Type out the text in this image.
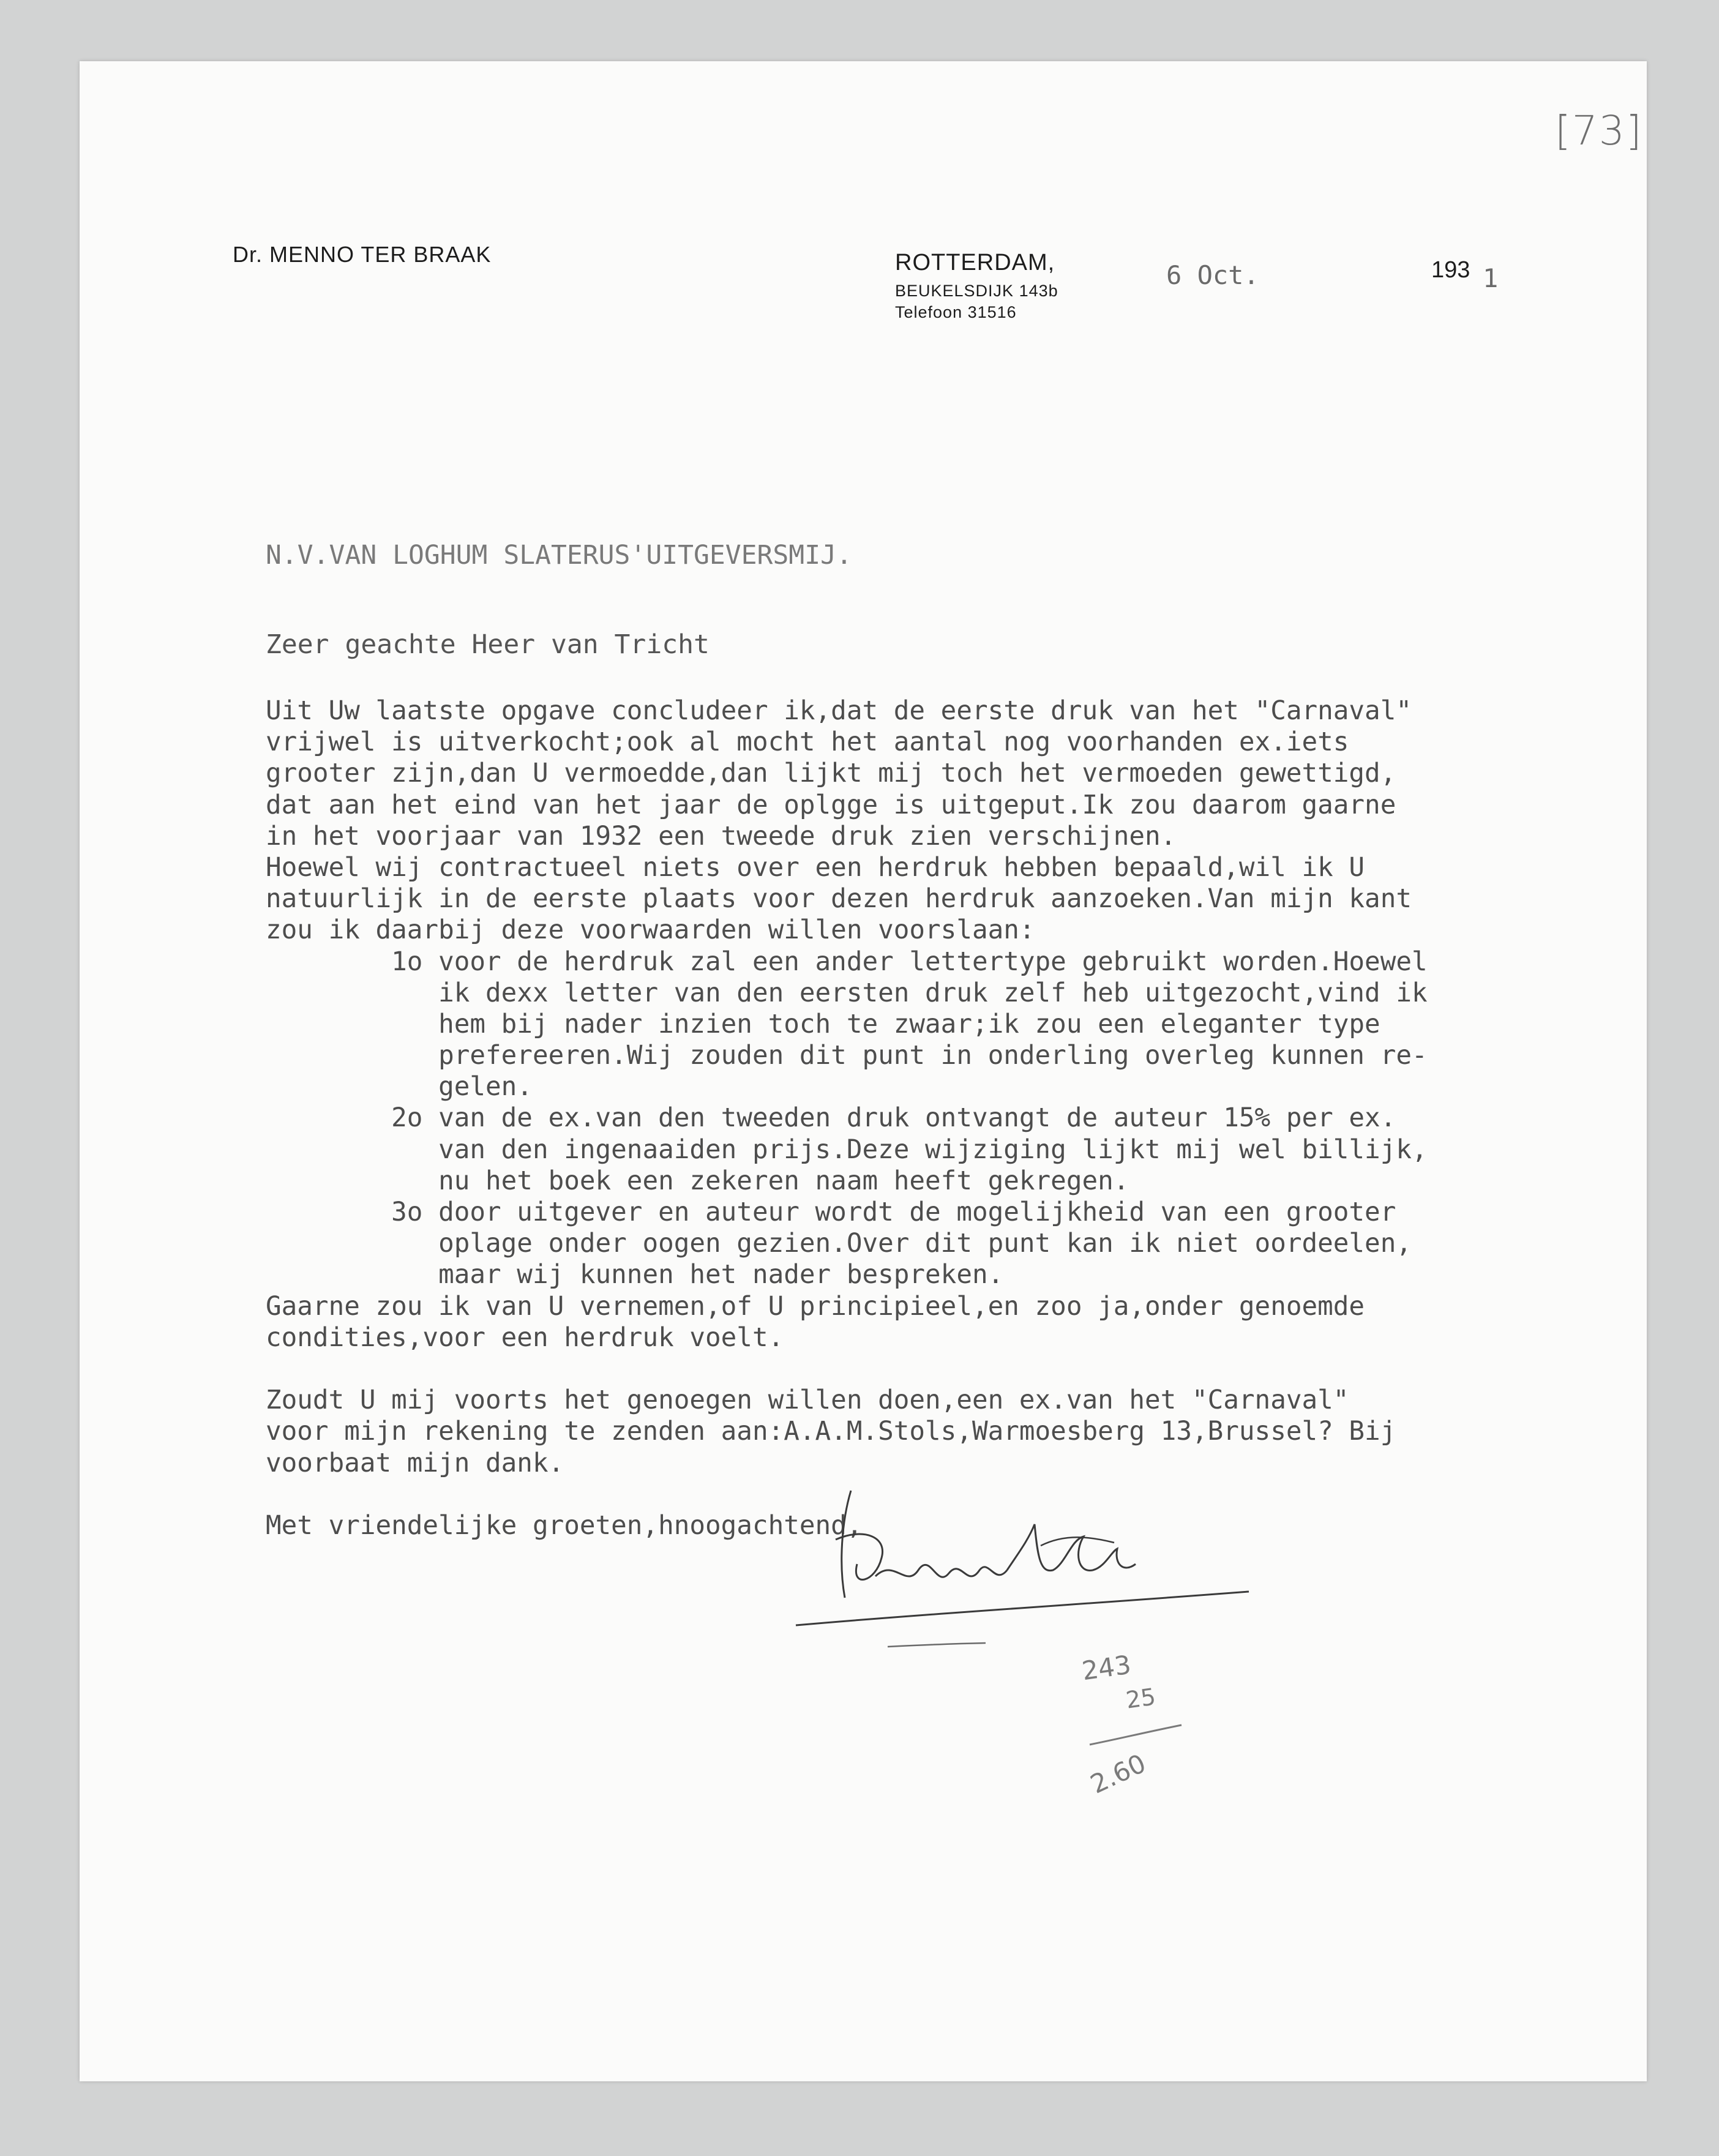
[73]
Dr. MENNO TER BRAAK	ROTTERDAM,
BEUKELSDIJK 143b
Telefoon 31516
193
6 Oct.	1
N.V.VAN LOGHUM SLATERUS'UITGEVERSMIJ.
Zeer geachte Heer van Tricht
Uit Uw laatste opgave concludeer ik,dat de eerste druk van het "Carnaval"
vrijwel is uitverkocht;ook al mocht het aantal nog voorhanden ex.iets
grooter zijn,dan U vermoedde,dan lijkt mij toch het vermoeden gewettigd,
dat aan het eind van het jaar de oplgge is uitgeput.Ik zou daarom gaarne
in het voorjaar van 1932 een tweede druk zien verschijnen.
Hoewel wij contractueel niets over een herdruk hebben bepaald,wil ik U
natuurlijk in de eerste plaats voor dezen herdruk aanzoeken.Van mijn kant
zou ik daarbij deze voorwaarden willen voorslaan:
1o voor de herdruk zal een ander lettertype gebruikt worden.Hoewel
ik dexx letter van den eersten druk zelf heb uitgezocht,vind ik
hem bij nader inzien toch te zwaar;ik zou een eleganter type
prefereeren.Wij zouden dit punt in onderling overleg kunnen re-
gelen.
2o van de ex.van den tweeden druk ontvangt de auteur 15% per ex.
van den ingenaaiden prijs.Deze wijziging lijkt mij wel billijk,
nu het boek een zekeren naam heeft gekregen.
3o door uitgever en auteur wordt de mogelijkheid van een grooter
oplage onder oogen gezien.Over dit punt kan ik niet oordeelen,
maar wij kunnen het nader bespreken.
Gaarne zou ik van U vernemen,of U principieel,en zoo ja,onder genoemde
condities,voor een herdruk voelt.
Zoudt U mij voorts het genoegen willen doen,een ex.van het "Carnaval"
voor mijn rekening te zenden aan:A.A.M.Stols,Warmoesberg 13,Brussel? Bij
voorbaat mijn dank.
Met vriendelijke groeten,hnoogachtend,
243
25
2.60
